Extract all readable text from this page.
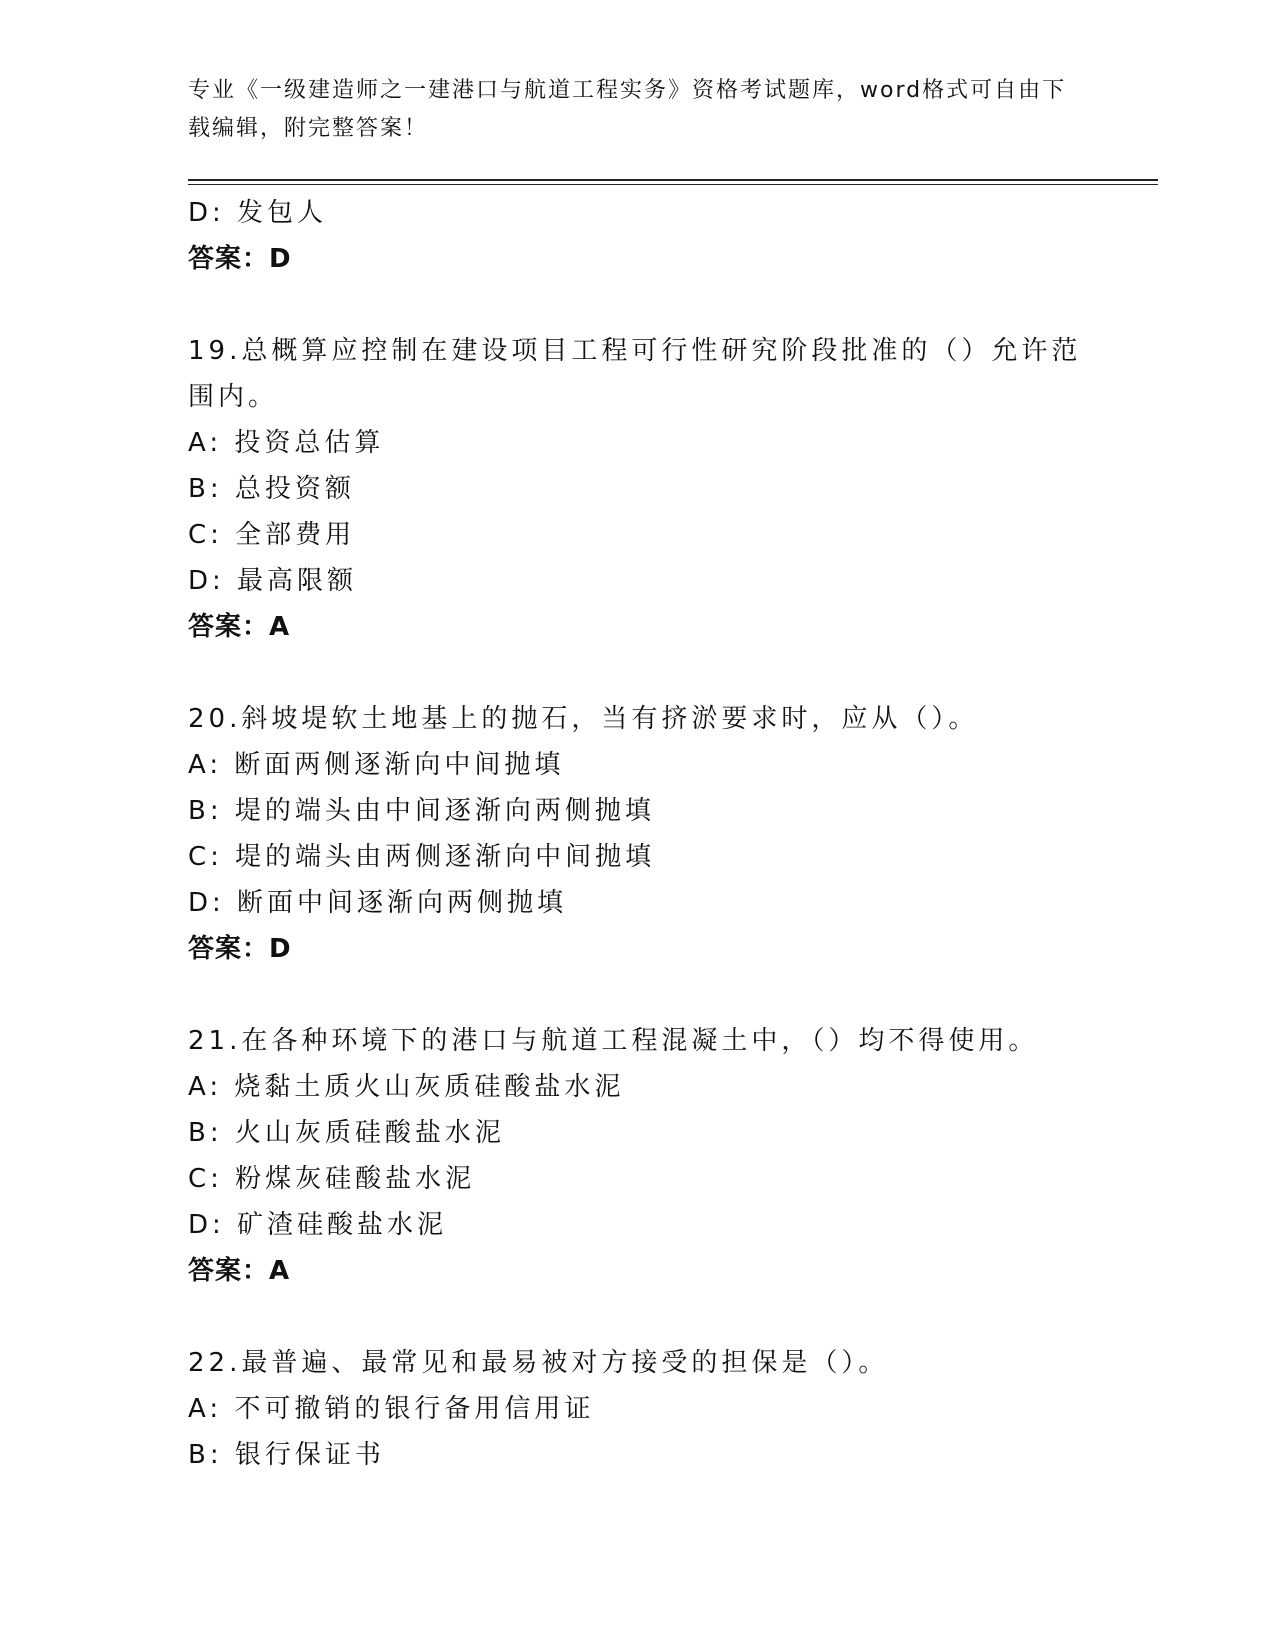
专业《一级建造师之一建港口与航道工程实务》资格考试题库，word格式可自由下载编辑，附完整答案！

D: 发包人

答案：D

19.总概算应控制在建设项目工程可行性研究阶段批准的（）允许范围内。

A: 投资总估算

B: 总投资额

C: 全部费用

D: 最高限额

答案：A

20.斜坡堤软土地基上的抛石，当有挤淤要求时，应从（）。

A: 断面两侧逐渐向中间抛填

B: 堤的端头由中间逐渐向两侧抛填

C: 堤的端头由两侧逐渐向中间抛填

D: 断面中间逐渐向两侧抛填

答案：D

21.在各种环境下的港口与航道工程混凝土中，（）均不得使用。

A: 烧黏土质火山灰质硅酸盐水泥

B: 火山灰质硅酸盐水泥

C: 粉煤灰硅酸盐水泥

D: 矿渣硅酸盐水泥

答案：A

22.最普遍、最常见和最易被对方接受的担保是（）。

A: 不可撤销的银行备用信用证

B: 银行保证书
